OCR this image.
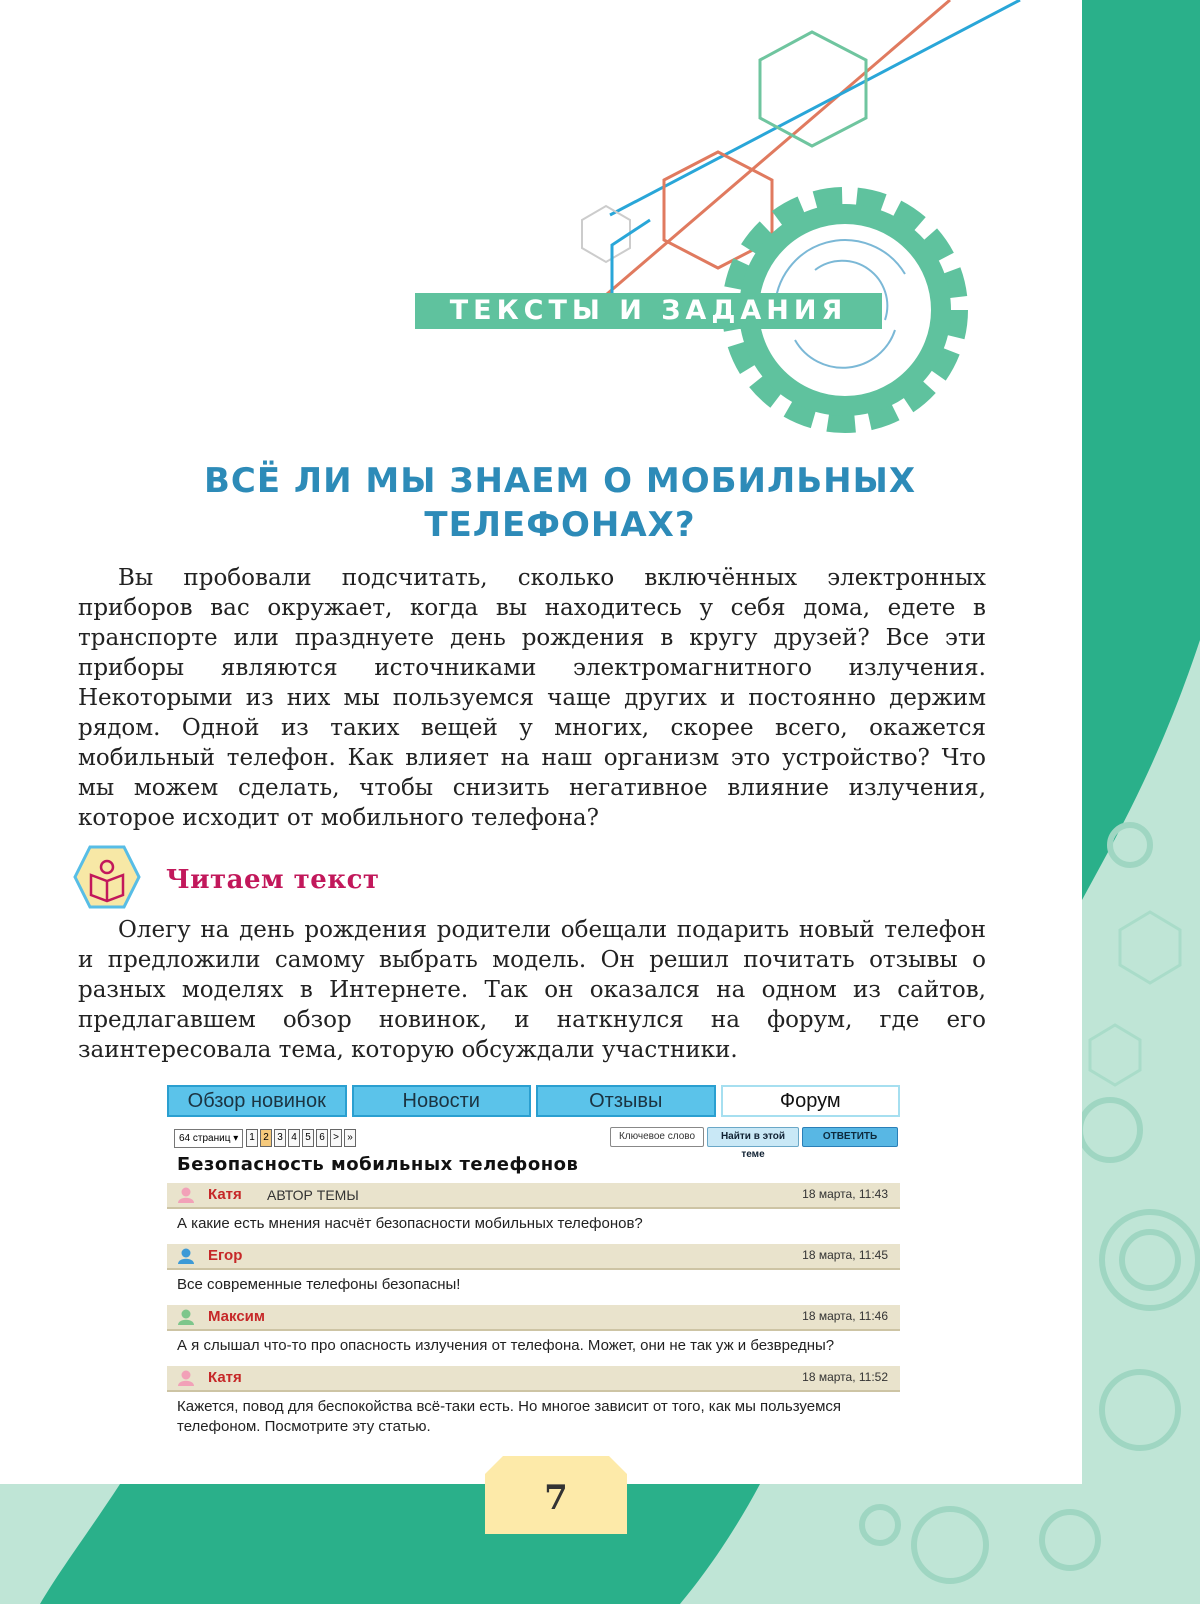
ТЕКСТЫ И ЗАДАНИЯ
ВСЁ ЛИ МЫ ЗНАЕМ О МОБИЛЬНЫХ
ТЕЛЕФОНАХ?

Вы пробовали подсчитать, сколько включённых электронных приборов вас окружает, когда вы находитесь у себя дома, едете в транспорте или празднуете день рождения в кругу друзей? Все эти приборы являются источниками электромагнитного излучения. Некоторыми из них мы пользуемся чаще других и постоянно держим рядом. Одной из таких вещей у многих, скорее всего, окажется мобильный телефон. Как влияет на наш организм это устройство? Что мы можем сделать, чтобы снизить негативное влияние излучения, которое исходит от мобильного телефона?

Читаем текст

Олегу на день рождения родители обещали подарить новый телефон и предложили самому выбрать модель. Он решил почитать отзывы о разных моделях в Интернете. Так он оказался на одном из сайтов, предлагавшем обзор новинок, и наткнулся на форум, где его заинтересовала тема, которую обсуждали участники.

Обзор новинок	Новости	Отзывы	Форум
64 страниц ▾	1 2 3 4 5 6 > »	Ключевое слово	Найти в этой теме
ОТВЕТИТЬ
Безопасность мобильных телефонов
Катя АВТОР ТЕМЫ	18 марта, 11:43
А какие есть мнения насчёт безопасности мобильных телефонов?
Егор	18 марта, 11:45
Все современные телефоны безопасны!
Максим	18 марта, 11:46
А я слышал что-то про опасность излучения от телефона. Может, они не так уж и безвредны?
Катя	18 марта, 11:52
Кажется, повод для беспокойства всё-таки есть. Но многое зависит от того, как мы пользуемся телефоном. Посмотрите эту статью.
7
